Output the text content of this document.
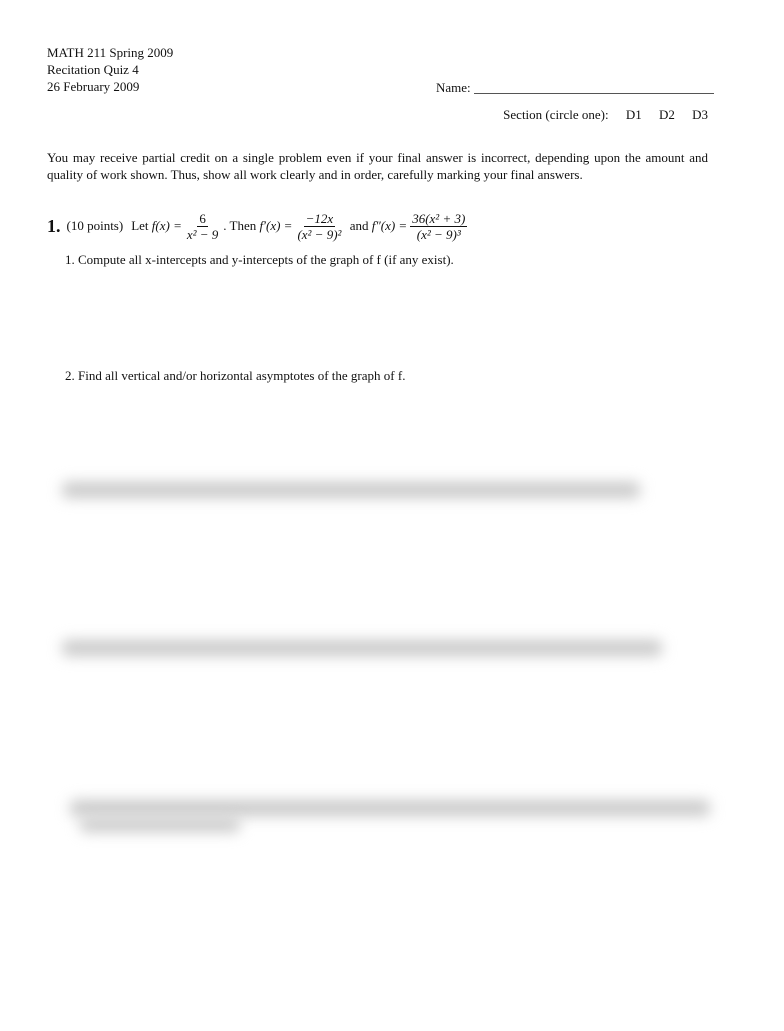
MATH 211 Spring 2009
Recitation Quiz 4
26 February 2009	Name:
Section (circle one): D1 D2 D3
You may receive partial credit on a single problem even if your final answer is incorrect, depending upon the amount and quality of work shown. Thus, show all work clearly and in order, carefully marking your final answers.
1. (10 points) Let
$f(x) = \frac{6}{\text{x² − 9}}$ . Then
$f'(x) = \frac{-12x}{\text{(x² − 9)²}}$
and
$f''(x) = \frac{\text{36(x² + 3)}}{\text{(x² − 9)³}}$
1. Compute all x-intercepts and y-intercepts of the graph of f (if any exist).
2. Find all vertical and/or horizontal asymptotes of the graph of f.
